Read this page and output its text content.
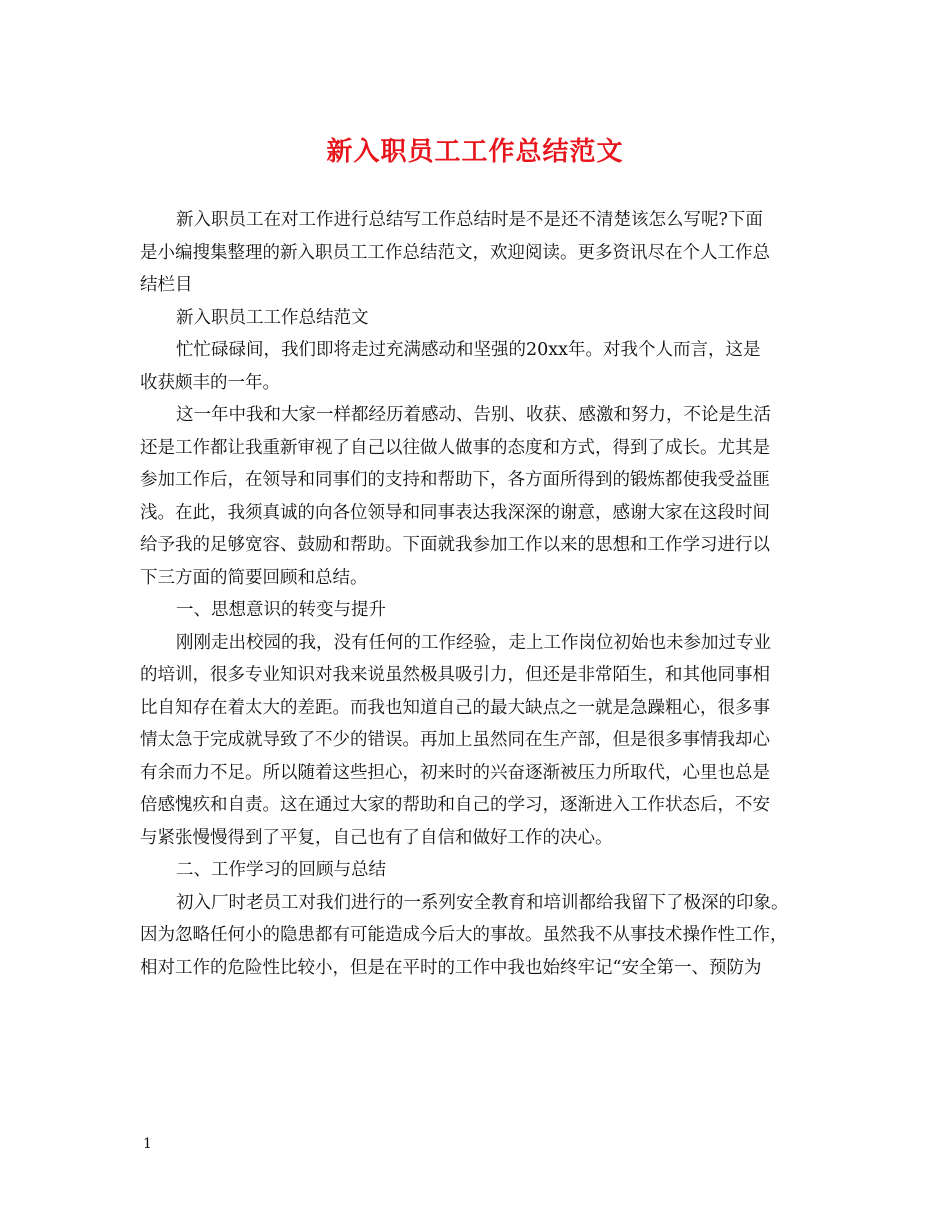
新入职员工工作总结范文
新入职员工在对工作进行总结写工作总结时是不是还不清楚该怎么写呢?下面
是小编搜集整理的新入职员工工作总结范文，欢迎阅读。更多资讯尽在个人工作总
结栏目
新入职员工工作总结范文
忙忙碌碌间，我们即将走过充满感动和坚强的20xx年。对我个人而言，这是
收获颇丰的一年。
这一年中我和大家一样都经历着感动、告别、收获、感激和努力，不论是生活
还是工作都让我重新审视了自己以往做人做事的态度和方式，得到了成长。尤其是
参加工作后，在领导和同事们的支持和帮助下，各方面所得到的锻炼都使我受益匪
浅。在此，我须真诚的向各位领导和同事表达我深深的谢意，感谢大家在这段时间
给予我的足够宽容、鼓励和帮助。下面就我参加工作以来的思想和工作学习进行以
下三方面的简要回顾和总结。
一、思想意识的转变与提升
刚刚走出校园的我，没有任何的工作经验，走上工作岗位初始也未参加过专业
的培训，很多专业知识对我来说虽然极具吸引力，但还是非常陌生，和其他同事相
比自知存在着太大的差距。而我也知道自己的最大缺点之一就是急躁粗心，很多事
情太急于完成就导致了不少的错误。再加上虽然同在生产部，但是很多事情我却心
有余而力不足。所以随着这些担心，初来时的兴奋逐渐被压力所取代，心里也总是
倍感愧疚和自责。这在通过大家的帮助和自己的学习，逐渐进入工作状态后，不安
与紧张慢慢得到了平复，自己也有了自信和做好工作的决心。
二、工作学习的回顾与总结
初入厂时老员工对我们进行的一系列安全教育和培训都给我留下了极深的印象。
因为忽略任何小的隐患都有可能造成今后大的事故。虽然我不从事技术操作性工作，
相对工作的危险性比较小，但是在平时的工作中我也始终牢记“安全第一、预防为
1
